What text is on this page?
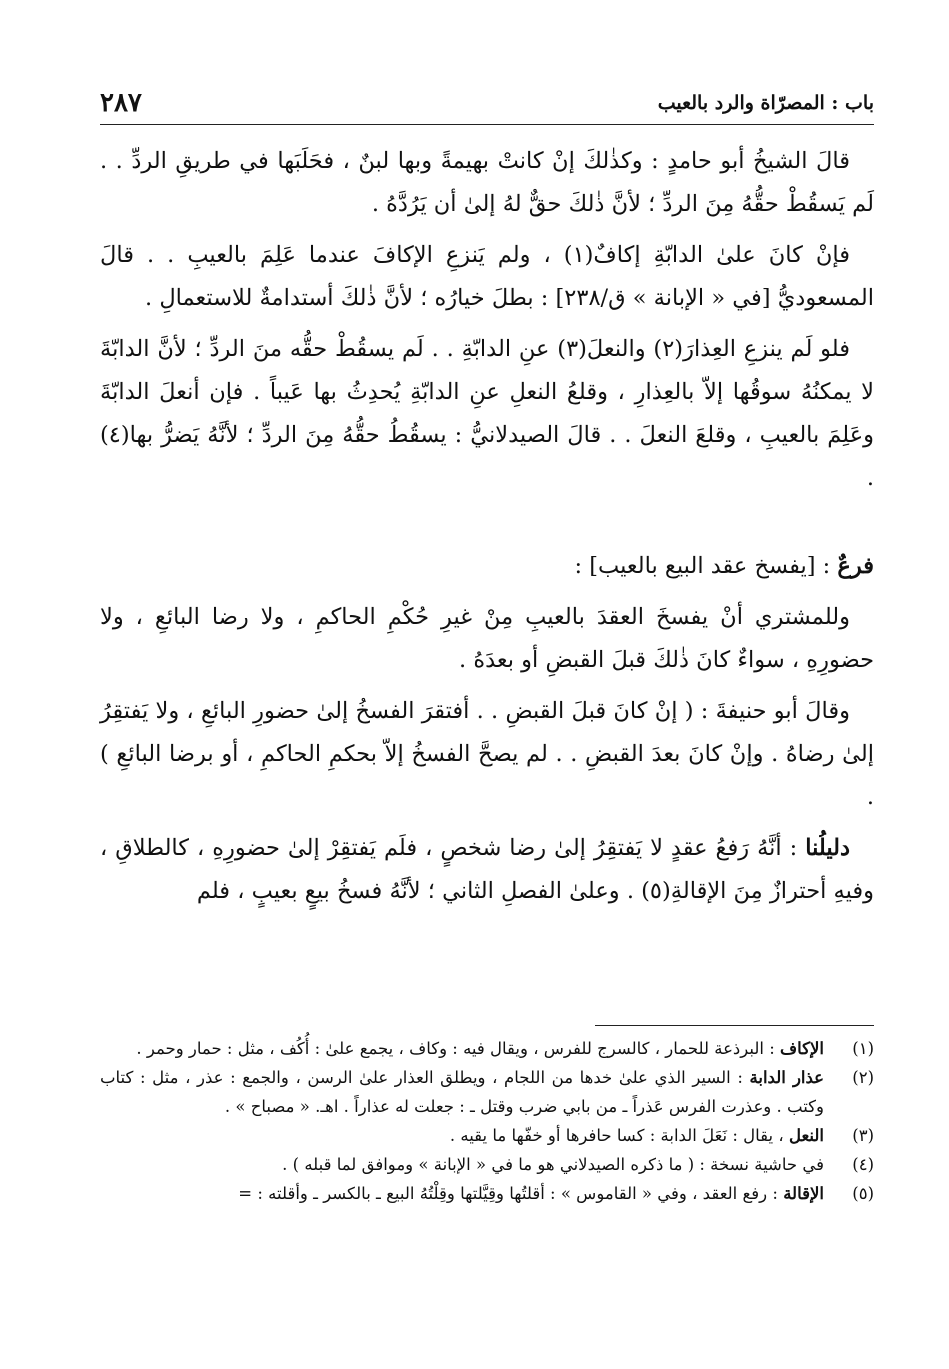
باب : المصرّاة والرد بالعيب
٢٨٧

قالَ الشيخُ أبو حامدٍ : وكذٰلكَ إنْ كانتْ بهيمةً وبها لبنٌ ، فحَلَبَها في طريقِ الردِّ . . لَم يَسقُطْ حقُّهُ مِنَ الردِّ ؛ لأنَّ ذٰلكَ حقٌّ لهُ إلىٰ أن يَرُدَّهُ .

فإنْ كانَ علىٰ الدابّةِ إكافٌ(١) ، ولم يَنزعِ الإكافَ عندما عَلِمَ بالعيبِ . . قالَ المسعوديُّ [في « الإبانة » ق/٢٣٨] : بطلَ خيارُه ؛ لأنَّ ذٰلكَ أستدامةٌ للاستعمالِ .

فلو لَم ينزعِ العِذارَ(٢) والنعلَ(٣) عنِ الدابّةِ . . لَم يسقُطْ حقُّه منَ الردِّ ؛ لأنَّ الدابّةَ لا يمكنُهُ سوقُها إلاّ بالعِذارِ ، وقلعُ النعلِ عنِ الدابّةِ يُحدِثُ بها عَيباً . فإن أنعلَ الدابّةَ وعَلِمَ بالعيبِ ، وقلعَ النعلَ . . قالَ الصيدلانيُّ : يسقُطُ حقُّهُ مِنَ الردِّ ؛ لأنَّهُ يَضرُّ بها(٤) .

فرعٌ : [يفسخ عقد البيع بالعيب] :

وللمشتري أنْ يفسخَ العقدَ بالعيبِ مِنْ غيرِ حُكْمِ الحاكمِ ، ولا رضا البائعِ ، ولا حضورِهِ ، سواءٌ كانَ ذٰلكَ قبلَ القبضِ أو بعدَهُ .

وقالَ أبو حنيفةَ : ( إنْ كانَ قبلَ القبضِ . . أفتقرَ الفسخُ إلىٰ حضورِ البائعِ ، ولا يَفتقِرُ إلىٰ رضاهُ . وإنْ كانَ بعدَ القبضِ . . لم يصحَّ الفسخُ إلاّ بحكمِ الحاكمِ ، أو برضا البائعِ ) .

دليلُنا : أنَّهُ رَفعُ عقدٍ لا يَفتقِرُ إلىٰ رضا شخصٍ ، فلَم يَفتقِرْ إلىٰ حضورِهِ ، كالطلاقِ ، وفيهِ أحترازٌ مِنَ الإقالةِ(٥) . وعلىٰ الفصلِ الثاني ؛ لأنَّهُ فسخُ بيعٍ بعيبٍ ، فلم

(١)
الإكاف : البرذعة للحمار ، كالسرج للفرس ، ويقال فيه : وكاف ، يجمع علىٰ : أُكُف ، مثل : حمار وحمر .
(٢)
عذار الدابة : السير الذي علىٰ خدها من اللجام ، ويطلق العذار علىٰ الرسن ، والجمع : عذر ، مثل : كتاب وكتب . وعذرت الفرس عَذراً ـ من بابي ضرب وقتل ـ : جعلت له عذاراً . اهـ. « مصباح » .
(٣)
النعل ، يقال : نَعَلَ الدابة : كسا حافرها أو خفّها ما يقيه .
(٤)
في حاشية نسخة : ( ما ذكره الصيدلاني هو ما في « الإبانة » وموافق لما قبله ) .
(٥)
الإقالة : رفع العقد ، وفي « القاموس » : أقلتُها وقِيَّلتها وقِلْتُهُ البيع ـ بالكسر ـ وأقلته : =
